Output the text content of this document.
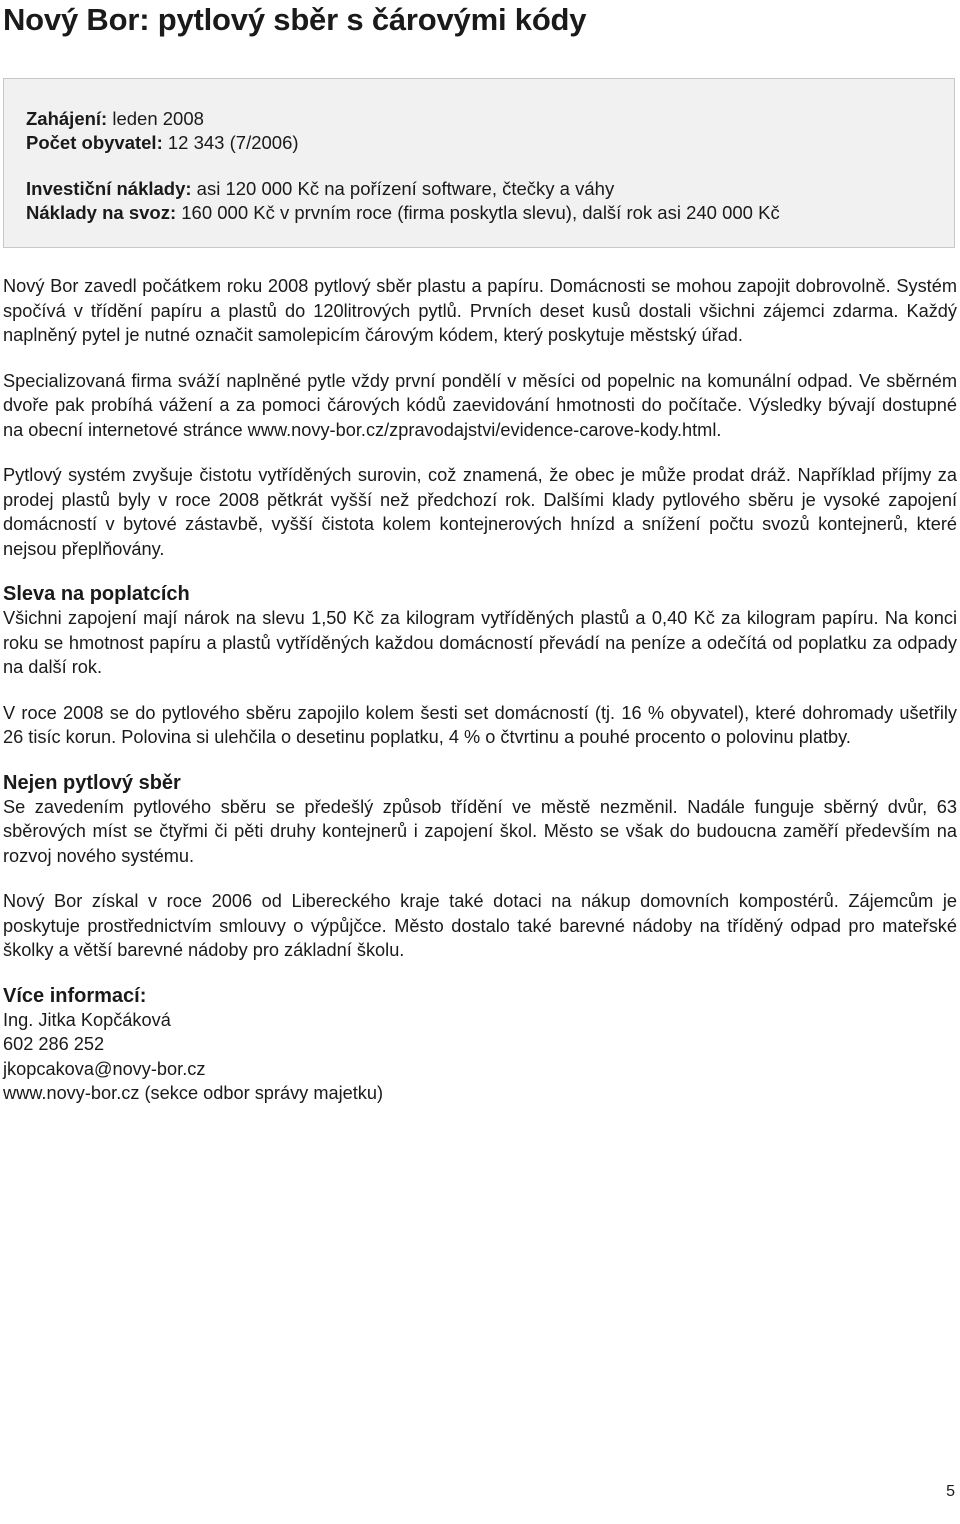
Nový Bor: pytlový sběr s čárovými kódy
Zahájení: leden 2008
Počet obyvatel: 12 343 (7/2006)
Investiční náklady: asi 120 000 Kč na pořízení software, čtečky a váhy
Náklady na svoz: 160 000 Kč v prvním roce (firma poskytla slevu), další rok asi 240 000 Kč

Nový Bor zavedl počátkem roku 2008 pytlový sběr plastu a papíru. Domácnosti se mohou zapojit dobrovolně. Systém spočívá v třídění papíru a plastů do 120litrových pytlů. Prvních deset kusů dostali všichni zájemci zdarma. Každý naplněný pytel je nutné označit samolepicím čárovým kódem, který poskytuje městský úřad.

Specializovaná firma sváží naplněné pytle vždy první pondělí v měsíci od popelnic na komunální odpad. Ve sběrném dvoře pak probíhá vážení a za pomoci čárových kódů zaevidování hmotnosti do počítače. Výsledky bývají dostupné na obecní internetové stránce www.novy-bor.cz/zpravodajstvi/evidence-carove-kody.html.

Pytlový systém zvyšuje čistotu vytříděných surovin, což znamená, že obec je může prodat dráž. Například příjmy za prodej plastů byly v roce 2008 pětkrát vyšší než předchozí rok. Dalšími klady pytlového sběru je vysoké zapojení domácností v bytové zástavbě, vyšší čistota kolem kontejnerových hnízd a snížení počtu svozů kontejnerů, které nejsou přeplňovány.

Sleva na poplatcích

Všichni zapojení mají nárok na slevu 1,50 Kč za kilogram vytříděných plastů a 0,40 Kč za kilogram papíru. Na konci roku se hmotnost papíru a plastů vytříděných každou domácností převádí na peníze a odečítá od poplatku za odpady na další rok.

V roce 2008 se do pytlového sběru zapojilo kolem šesti set domácností (tj. 16 % obyvatel), které dohromady ušetřily 26 tisíc korun. Polovina si ulehčila o desetinu poplatku, 4 % o čtvrtinu a pouhé procento o polovinu platby.

Nejen pytlový sběr

Se zavedením pytlového sběru se předešlý způsob třídění ve městě nezměnil. Nadále funguje sběrný dvůr, 63 sběrových míst se čtyřmi či pěti druhy kontejnerů i zapojení škol. Město se však do budoucna zaměří především na rozvoj nového systému.

Nový Bor získal v roce 2006 od Libereckého kraje také dotaci na nákup domovních kompostérů. Zájemcům je poskytuje prostřednictvím smlouvy o výpůjčce. Město dostalo také barevné nádoby na tříděný odpad pro mateřské školky a větší barevné nádoby pro základní školu.

Více informací:
Ing. Jitka Kopčáková
602 286 252
jkopcakova@novy-bor.cz
www.novy-bor.cz (sekce odbor správy majetku)
5
